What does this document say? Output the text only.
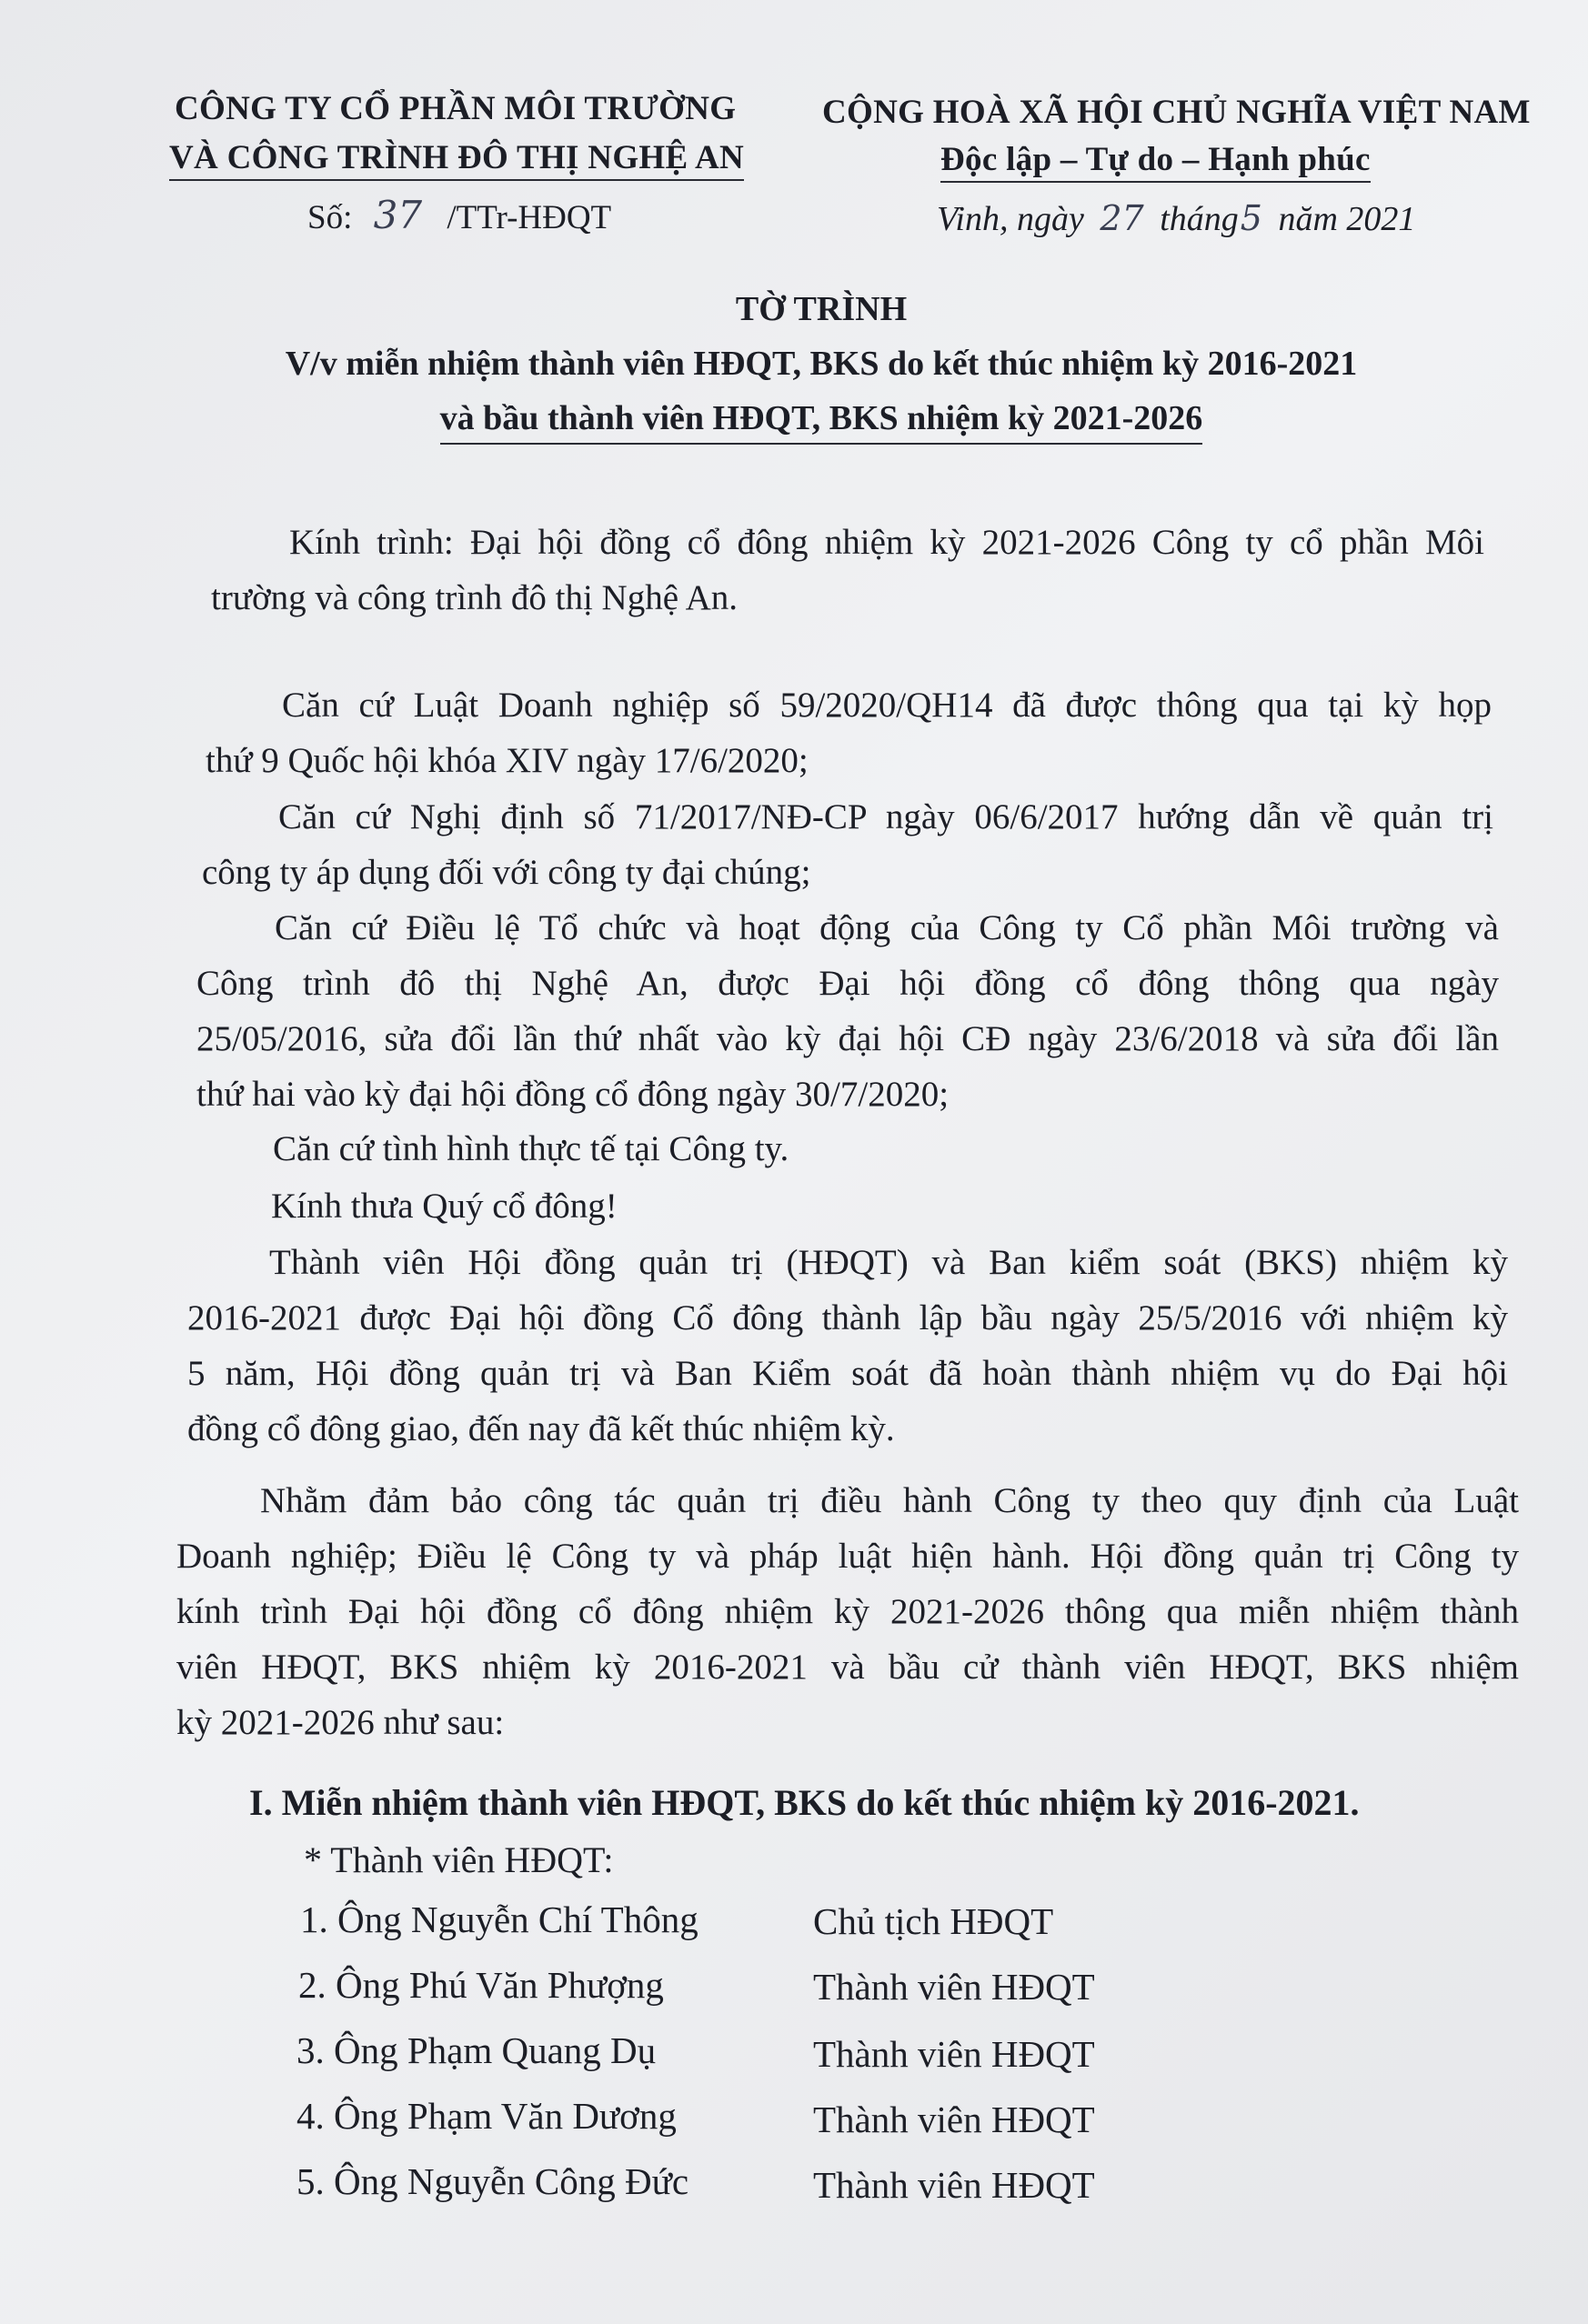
CÔNG TY CỔ PHẦN MÔI TRƯỜNG
VÀ CÔNG TRÌNH ĐÔ THỊ NGHỆ AN
Số: 37 /TTr-HĐQT
CỘNG HOÀ XÃ HỘI CHỦ NGHĨA VIỆT NAM
Độc lập – Tự do – Hạnh phúc
Vinh, ngày 27 tháng5 năm 2021
TỜ TRÌNH
V/v miễn nhiệm thành viên HĐQT, BKS do kết thúc nhiệm kỳ 2016-2021
và bầu thành viên HĐQT, BKS nhiệm kỳ 2021-2026
Kính trình: Đại hội đồng cổ đông nhiệm kỳ 2021-2026 Công ty cổ phần Môi
trường và công trình đô thị Nghệ An.
Căn cứ Luật Doanh nghiệp số 59/2020/QH14 đã được thông qua tại kỳ họp
thứ 9 Quốc hội khóa XIV ngày 17/6/2020;
Căn cứ Nghị định số 71/2017/NĐ-CP ngày 06/6/2017 hướng dẫn về quản trị
công ty áp dụng đối với công ty đại chúng;
Căn cứ Điều lệ Tổ chức và hoạt động của Công ty Cổ phần Môi trường và
Công trình đô thị Nghệ An, được Đại hội đồng cổ đông thông qua ngày
25/05/2016, sửa đổi lần thứ nhất vào kỳ đại hội CĐ ngày 23/6/2018 và sửa đổi lần
thứ hai vào kỳ đại hội đồng cổ đông ngày 30/7/2020;
Căn cứ tình hình thực tế tại Công ty.
Kính thưa Quý cổ đông!
Thành viên Hội đồng quản trị (HĐQT) và Ban kiểm soát (BKS) nhiệm kỳ
2016-2021 được Đại hội đồng Cổ đông thành lập bầu ngày 25/5/2016 với nhiệm kỳ
5 năm, Hội đồng quản trị và Ban Kiểm soát đã hoàn thành nhiệm vụ do Đại hội
đồng cổ đông giao, đến nay đã kết thúc nhiệm kỳ.
Nhằm đảm bảo công tác quản trị điều hành Công ty theo quy định của Luật
Doanh nghiệp; Điều lệ Công ty và pháp luật hiện hành. Hội đồng quản trị Công ty
kính trình Đại hội đồng cổ đông nhiệm kỳ 2021-2026 thông qua miễn nhiệm thành
viên HĐQT, BKS nhiệm kỳ 2016-2021 và bầu cử thành viên HĐQT, BKS nhiệm
kỳ 2021-2026 như sau:
I. Miễn nhiệm thành viên HĐQT, BKS do kết thúc nhiệm kỳ 2016-2021.
* Thành viên HĐQT:
1. Ông Nguyễn Chí Thông	Chủ tịch HĐQT
2. Ông Phú Văn Phượng	Thành viên HĐQT
3. Ông Phạm Quang Dụ	Thành viên HĐQT
4. Ông Phạm Văn Dương	Thành viên HĐQT
5. Ông Nguyễn Công Đức	Thành viên HĐQT
